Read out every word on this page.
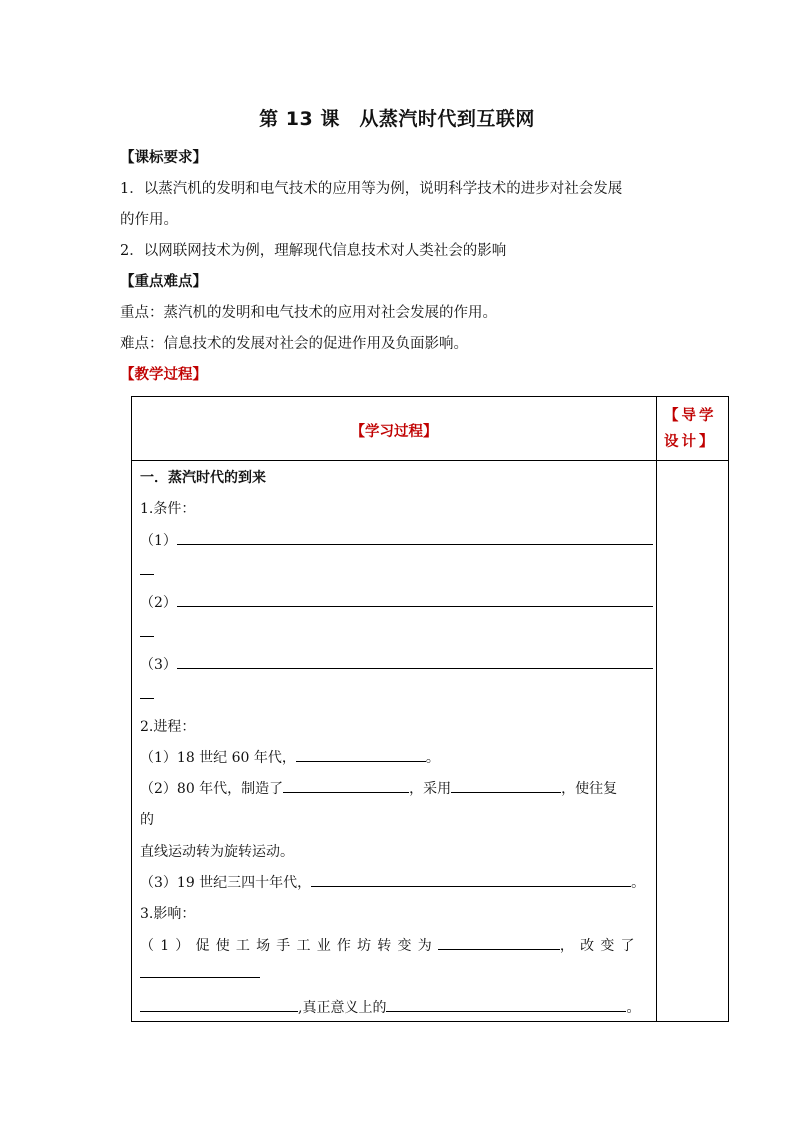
第 13 课　从蒸汽时代到互联网
【课标要求】
1．以蒸汽机的发明和电气技术的应用等为例，说明科学技术的进步对社会发展
的作用。
2．以网联网技术为例，理解现代信息技术对人类社会的影响
【重点难点】
重点：蒸汽机的发明和电气技术的应用对社会发展的作用。
难点：信息技术的发展对社会的促进作用及负面影响。
【教学过程】
【学习过程】
【导学
设计】
一．蒸汽时代的到来
1.条件：
（1）
（2）
（3）
2.进程：
（1）18 世纪 60 年代，	。
（2）80 年代，制造了	，采用	，使往复
的
直线运动转为旋转运动。
（3）19 世纪三四十年代，	。
3.影响：
（1）促使工场手工业作坊转变为	，改变了
,真正意义上的	。
